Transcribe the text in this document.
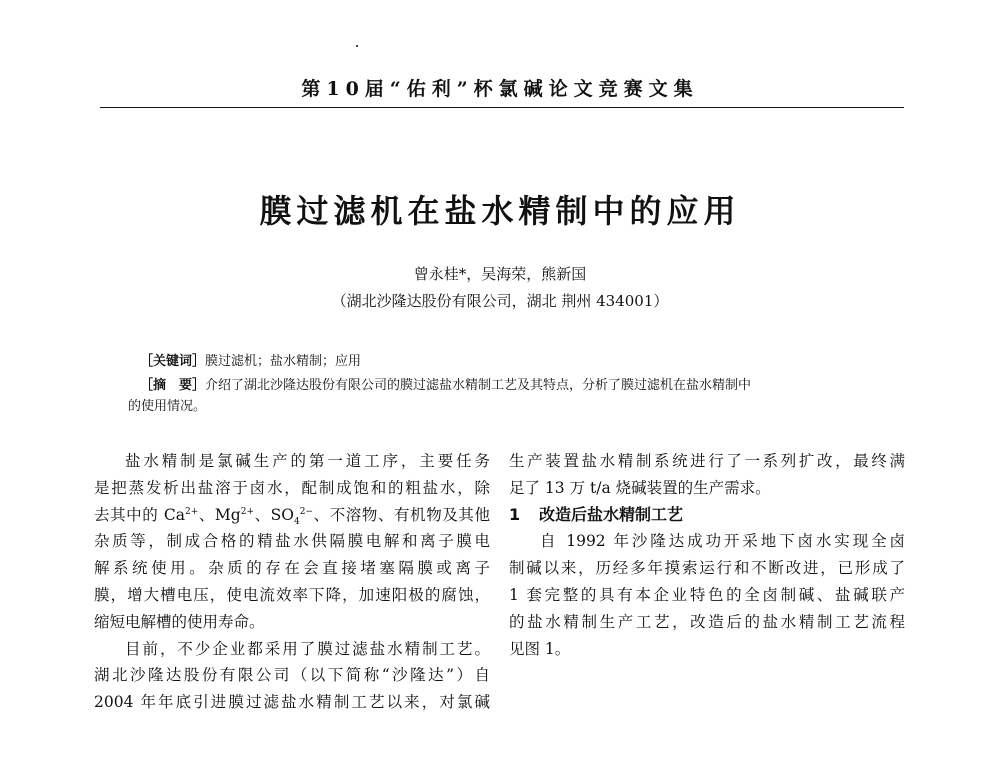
第10届“佑利”杯氯碱论文竞赛文集
膜过滤机在盐水精制中的应用
曾永桂*，吴海荣，熊新国
（湖北沙隆达股份有限公司，湖北 荆州 434001）
［关键词］膜过滤机；盐水精制；应用
［摘　要］介绍了湖北沙隆达股份有限公司的膜过滤盐水精制工艺及其特点，分析了膜过滤机在盐水精制中
的使用情况。
盐水精制是氯碱生产的第一道工序，主要任务
是把蒸发析出盐溶于卤水，配制成饱和的粗盐水，除
去其中的 $Ca^{2+}$、$Mg^{2+}$、$SO_4^{2-}$、不溶物、有机物及其他
杂质等，制成合格的精盐水供隔膜电解和离子膜电
解系统使用。杂质的存在会直接堵塞隔膜或离子
膜，增大槽电压，使电流效率下降，加速阳极的腐蚀，
缩短电解槽的使用寿命。
目前，不少企业都采用了膜过滤盐水精制工艺。
湖北沙隆达股份有限公司（以下简称“沙隆达”）自
2004 年年底引进膜过滤盐水精制工艺以来，对氯碱
生产装置盐水精制系统进行了一系列扩改，最终满
足了 13 万 t/a 烧碱装置的生产需求。
1 改造后盐水精制工艺
自 1992 年沙隆达成功开采地下卤水实现全卤
制碱以来，历经多年摸索运行和不断改进，已形成了
1 套完整的具有本企业特色的全卤制碱、盐碱联产
的盐水精制生产工艺，改造后的盐水精制工艺流程
见图 1。
